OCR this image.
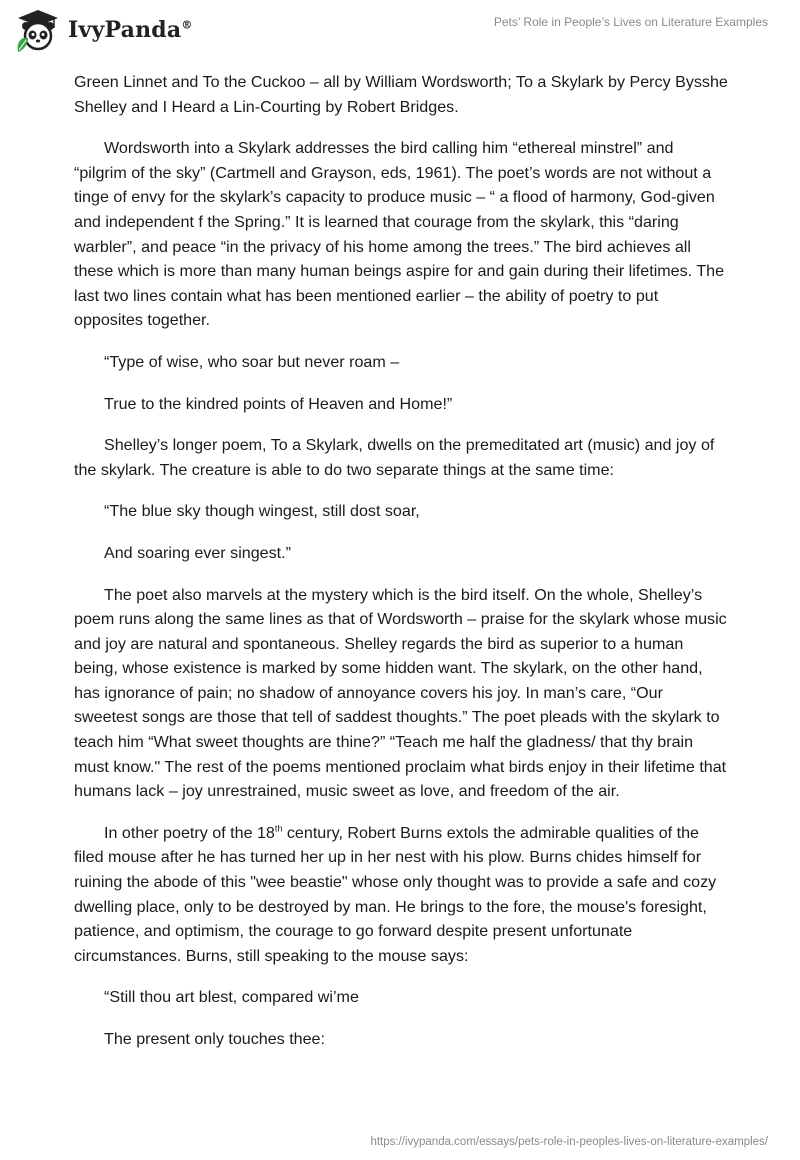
IvyPanda®	Pets’ Role in People’s Lives on Literature Examples

Green Linnet and To the Cuckoo – all by William Wordsworth; To a Skylark by Percy Bysshe Shelley and I Heard a Lin-Courting by Robert Bridges.

Wordsworth into a Skylark addresses the bird calling him “ethereal minstrel” and “pilgrim of the sky” (Cartmell and Grayson, eds, 1961). The poet’s words are not without a tinge of envy for the skylark’s capacity to produce music – “ a flood of harmony, God-given and independent f the Spring.” It is learned that courage from the skylark, this “daring warbler”, and peace “in the privacy of his home among the trees.” The bird achieves all these which is more than many human beings aspire for and gain during their lifetimes. The last two lines contain what has been mentioned earlier – the ability of poetry to put opposites together.

“Type of wise, who soar but never roam –

True to the kindred points of Heaven and Home!”

Shelley’s longer poem, To a Skylark, dwells on the premeditated art (music) and joy of the skylark. The creature is able to do two separate things at the same time:

“The blue sky though wingest, still dost soar,

And soaring ever singest.”

The poet also marvels at the mystery which is the bird itself. On the whole, Shelley’s poem runs along the same lines as that of Wordsworth – praise for the skylark whose music and joy are natural and spontaneous. Shelley regards the bird as superior to a human being, whose existence is marked by some hidden want. The skylark, on the other hand, has ignorance of pain; no shadow of annoyance covers his joy. In man’s care, “Our sweetest songs are those that tell of saddest thoughts.” The poet pleads with the skylark to teach him “What sweet thoughts are thine?” “Teach me half the gladness/ that thy brain must know." The rest of the poems mentioned proclaim what birds enjoy in their lifetime that humans lack – joy unrestrained, music sweet as love, and freedom of the air.

In other poetry of the 18th century, Robert Burns extols the admirable qualities of the filed mouse after he has turned her up in her nest with his plow. Burns chides himself for ruining the abode of this "wee beastie" whose only thought was to provide a safe and cozy dwelling place, only to be destroyed by man. He brings to the fore, the mouse's foresight, patience, and optimism, the courage to go forward despite present unfortunate circumstances. Burns, still speaking to the mouse says:

“Still thou art blest, compared wi’me

The present only touches thee:

https://ivypanda.com/essays/pets-role-in-peoples-lives-on-literature-examples/
